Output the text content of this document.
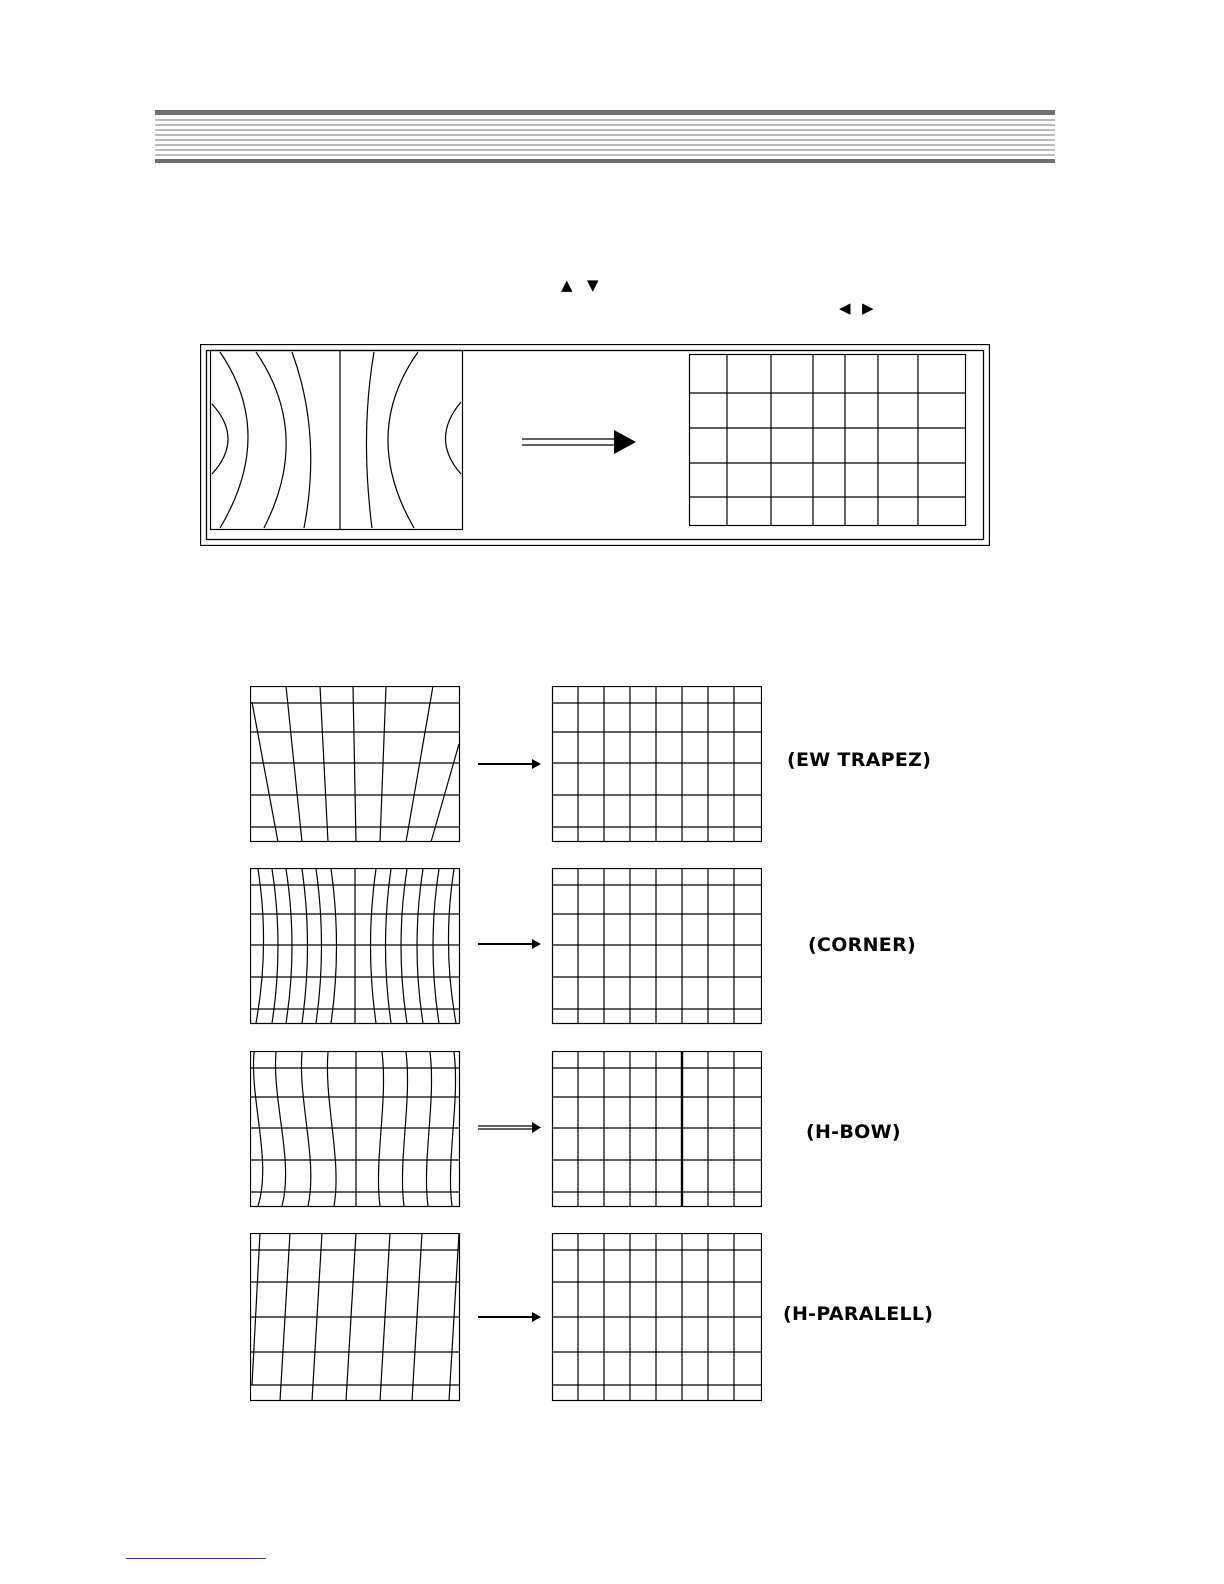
▲ ▼
◀ ▶
(EW TRAPEZ)
(CORNER)
(H-BOW)
(H-PARALELL)
